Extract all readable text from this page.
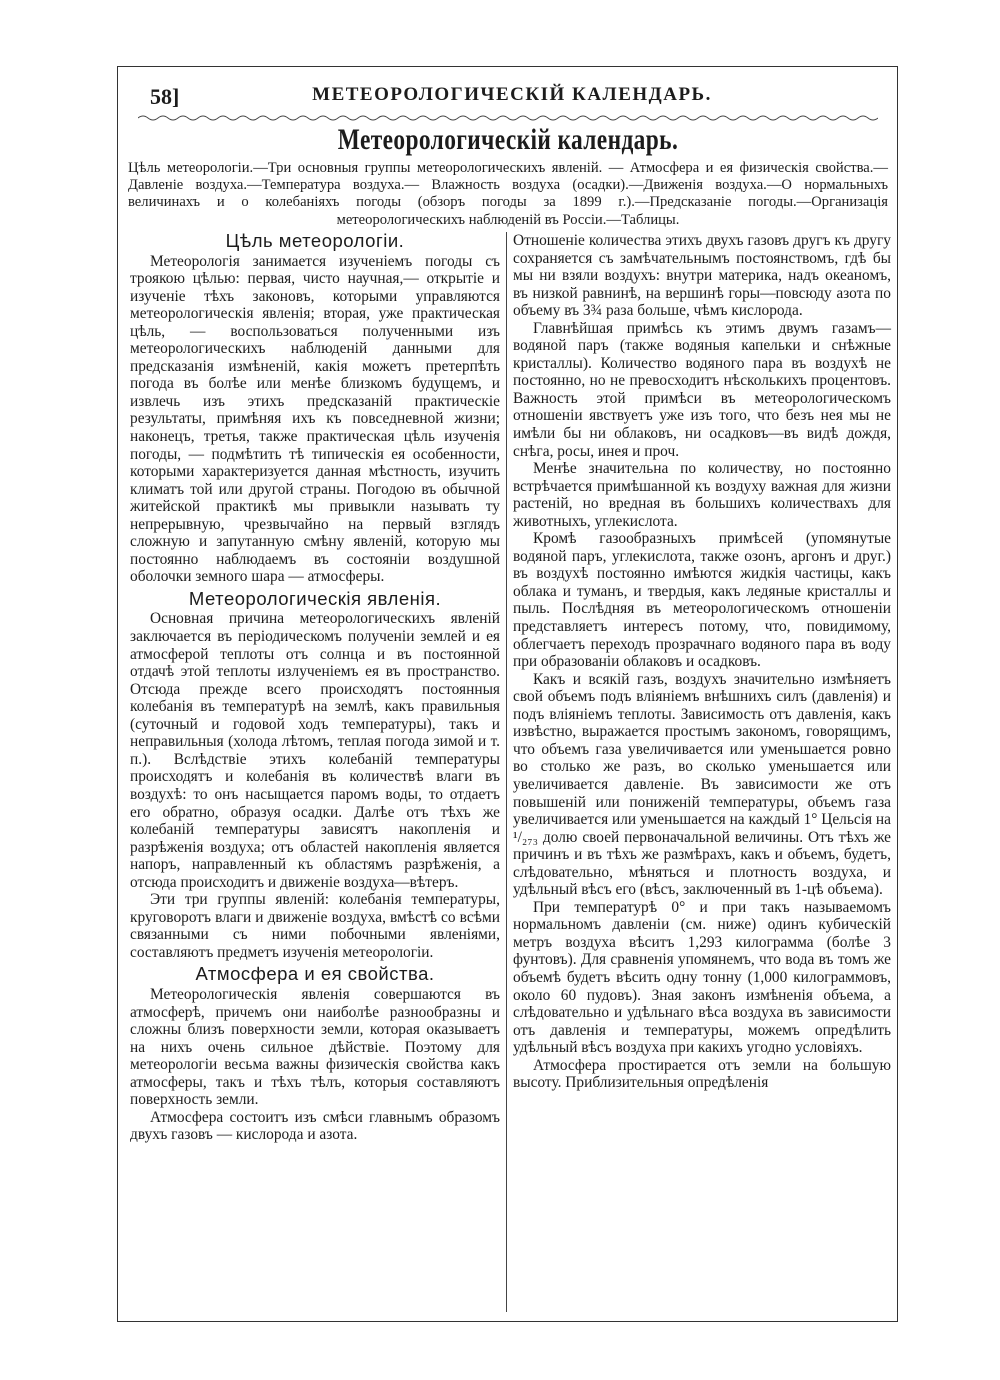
58]	МЕТЕОРОЛОГИЧЕСКІЙ КАЛЕНДАРЬ.
Метеорологическій календарь.
Цѣль метеорологіи.—Три основныя группы метеорологическихъ явленій. — Атмосфера и ея физическія свойства.—Давленіе воздуха.—Температура воздуха.— Влажность воздуха (осадки).—Движенія воздуха.—О нормальныхъ величинахъ и о колебаніяхъ погоды (обзоръ погоды за 1899 г.).—Предсказаніе погоды.—Организація метеорологическихъ наблюденій въ Россіи.—Таблицы.
Цѣль метеорологіи.

Метеорологія занимается изученіемъ погоды съ троякою цѣлью: первая, чисто научная,— открытіе и изученіе тѣхъ законовъ, которыми управляются метеорологическія явленія; вторая, уже практическая цѣль, — воспользоваться полученными изъ метеорологическихъ наблюденій данными для предсказанія измѣненій, какія можетъ претерпѣть погода въ болѣе или менѣе близкомъ будущемъ, и извлечь изъ этихъ предсказаній практическіе результаты, примѣняя ихъ къ повседневной жизни; наконецъ, третья, также практическая цѣль изученія погоды, — подмѣтить тѣ типическія ея особенности, которыми характеризуется данная мѣстность, изучить климатъ той или другой страны. Погодою въ обычной житейской практикѣ мы привыкли называть ту непрерывную, чрезвычайно на первый взглядъ сложную и запутанную смѣну явленій, которую мы постоянно наблюдаемъ въ состояніи воздушной оболочки земного шара — атмосферы.

Метеорологическія явленія.

Основная причина метеорологическихъ явленій заключается въ періодическомъ полученіи землей и ея атмосферой теплоты отъ солнца и въ постоянной отдачѣ этой теплоты излученіемъ ея въ пространство. Отсюда прежде всего происходятъ постоянныя колебанія въ температурѣ на землѣ, какъ правильныя (суточный и годовой ходъ температуры), такъ и неправильныя (холода лѣтомъ, теплая погода зимой и т. п.). Вслѣдствіе этихъ колебаній температуры происходятъ и колебанія въ количествѣ влаги въ воздухѣ: то онъ насыщается паромъ воды, то отдаетъ его обратно, образуя осадки. Далѣе отъ тѣхъ же колебаній температуры зависятъ накопленія и разрѣженія воздуха; отъ областей накопленія является напоръ, направленный къ областямъ разрѣженія, а отсюда происходитъ и движеніе воздуха—вѣтеръ.

Эти три группы явленій: колебанія температуры, круговоротъ влаги и движеніе воздуха, вмѣстѣ со всѣми связанными съ ними побочными явленіями, составляютъ предметъ изученія метеорологіи.

Атмосфера и ея свойства.

Метеорологическія явленія совершаются въ атмосферѣ, причемъ они наиболѣе разнообразны и сложны близъ поверхности земли, которая оказываетъ на нихъ очень сильное дѣйствіе. Поэтому для метеорологіи весьма важны физическія свойства какъ атмосферы, такъ и тѣхъ тѣлъ, которыя составляютъ поверхность земли.

Атмосфера состоитъ изъ смѣси главнымъ образомъ двухъ газовъ — кислорода и азота.

Отношеніе количества этихъ двухъ газовъ другъ къ другу сохраняется съ замѣчательнымъ постоянствомъ, гдѣ бы мы ни взяли воздухъ: внутри материка, надъ океаномъ, въ низкой равнинѣ, на вершинѣ горы—повсюду азота по объему въ 3¾ раза больше, чѣмъ кислорода.

Главнѣйшая примѣсь къ этимъ двумъ газамъ—водяной паръ (также водяныя капельки и снѣжные кристаллы). Количество водяного пара въ воздухѣ не постоянно, но не превосходитъ нѣсколькихъ процентовъ. Важность этой примѣси въ метеорологическомъ отношеніи явствуетъ уже изъ того, что безъ нея мы не имѣли бы ни облаковъ, ни осадковъ—въ видѣ дождя, снѣга, росы, инея и проч.

Менѣе значительна по количеству, но постоянно встрѣчается примѣшанной къ воздуху важная для жизни растеній, но вредная въ большихъ количествахъ для животныхъ, углекислота.

Кромѣ газообразныхъ примѣсей (упомянутые водяной паръ, углекислота, также озонъ, аргонъ и друг.) въ воздухѣ постоянно имѣются жидкія частицы, какъ облака и туманъ, и твердыя, какъ ледяные кристаллы и пыль. Послѣдняя въ метеорологическомъ отношеніи представляетъ интересъ потому, что, повидимому, облегчаетъ переходъ прозрачнаго водяного пара въ воду при образованіи облаковъ и осадковъ.

Какъ и всякій газъ, воздухъ значительно измѣняетъ свой объемъ подъ вліяніемъ внѣшнихъ силъ (давленія) и подъ вліяніемъ теплоты. Зависимость отъ давленія, какъ извѣстно, выражается простымъ закономъ, говорящимъ, что объемъ газа увеличивается или уменьшается ровно во столько же разъ, во сколько уменьшается или увеличивается давленіе. Въ зависимости же отъ повышеній или пониженій температуры, объемъ газа увеличивается или уменьшается на каждый 1° Цельсія на ¹/₂₇₃ долю своей первоначальной величины. Отъ тѣхъ же причинъ и въ тѣхъ же размѣрахъ, какъ и объемъ, будетъ, слѣдовательно, мѣняться и плотность воздуха, и удѣльный вѣсъ его (вѣсъ, заключенный въ 1-цѣ объема).

При температурѣ 0° и при такъ называемомъ нормальномъ давленіи (см. ниже) одинъ кубическій метръ воздуха вѣситъ 1,293 килограмма (болѣе 3 фунтовъ). Для сравненія упомянемъ, что вода въ томъ же объемѣ будетъ вѣсить одну тонну (1,000 килограммовъ, около 60 пудовъ). Зная законъ измѣненія объема, а слѣдовательно и удѣльнаго вѣса воздуха въ зависимости отъ давленія и температуры, можемъ опредѣлить удѣльный вѣсъ воздуха при какихъ угодно условіяхъ.

Атмосфера простирается отъ земли на большую высоту. Приблизительныя опредѣленія
